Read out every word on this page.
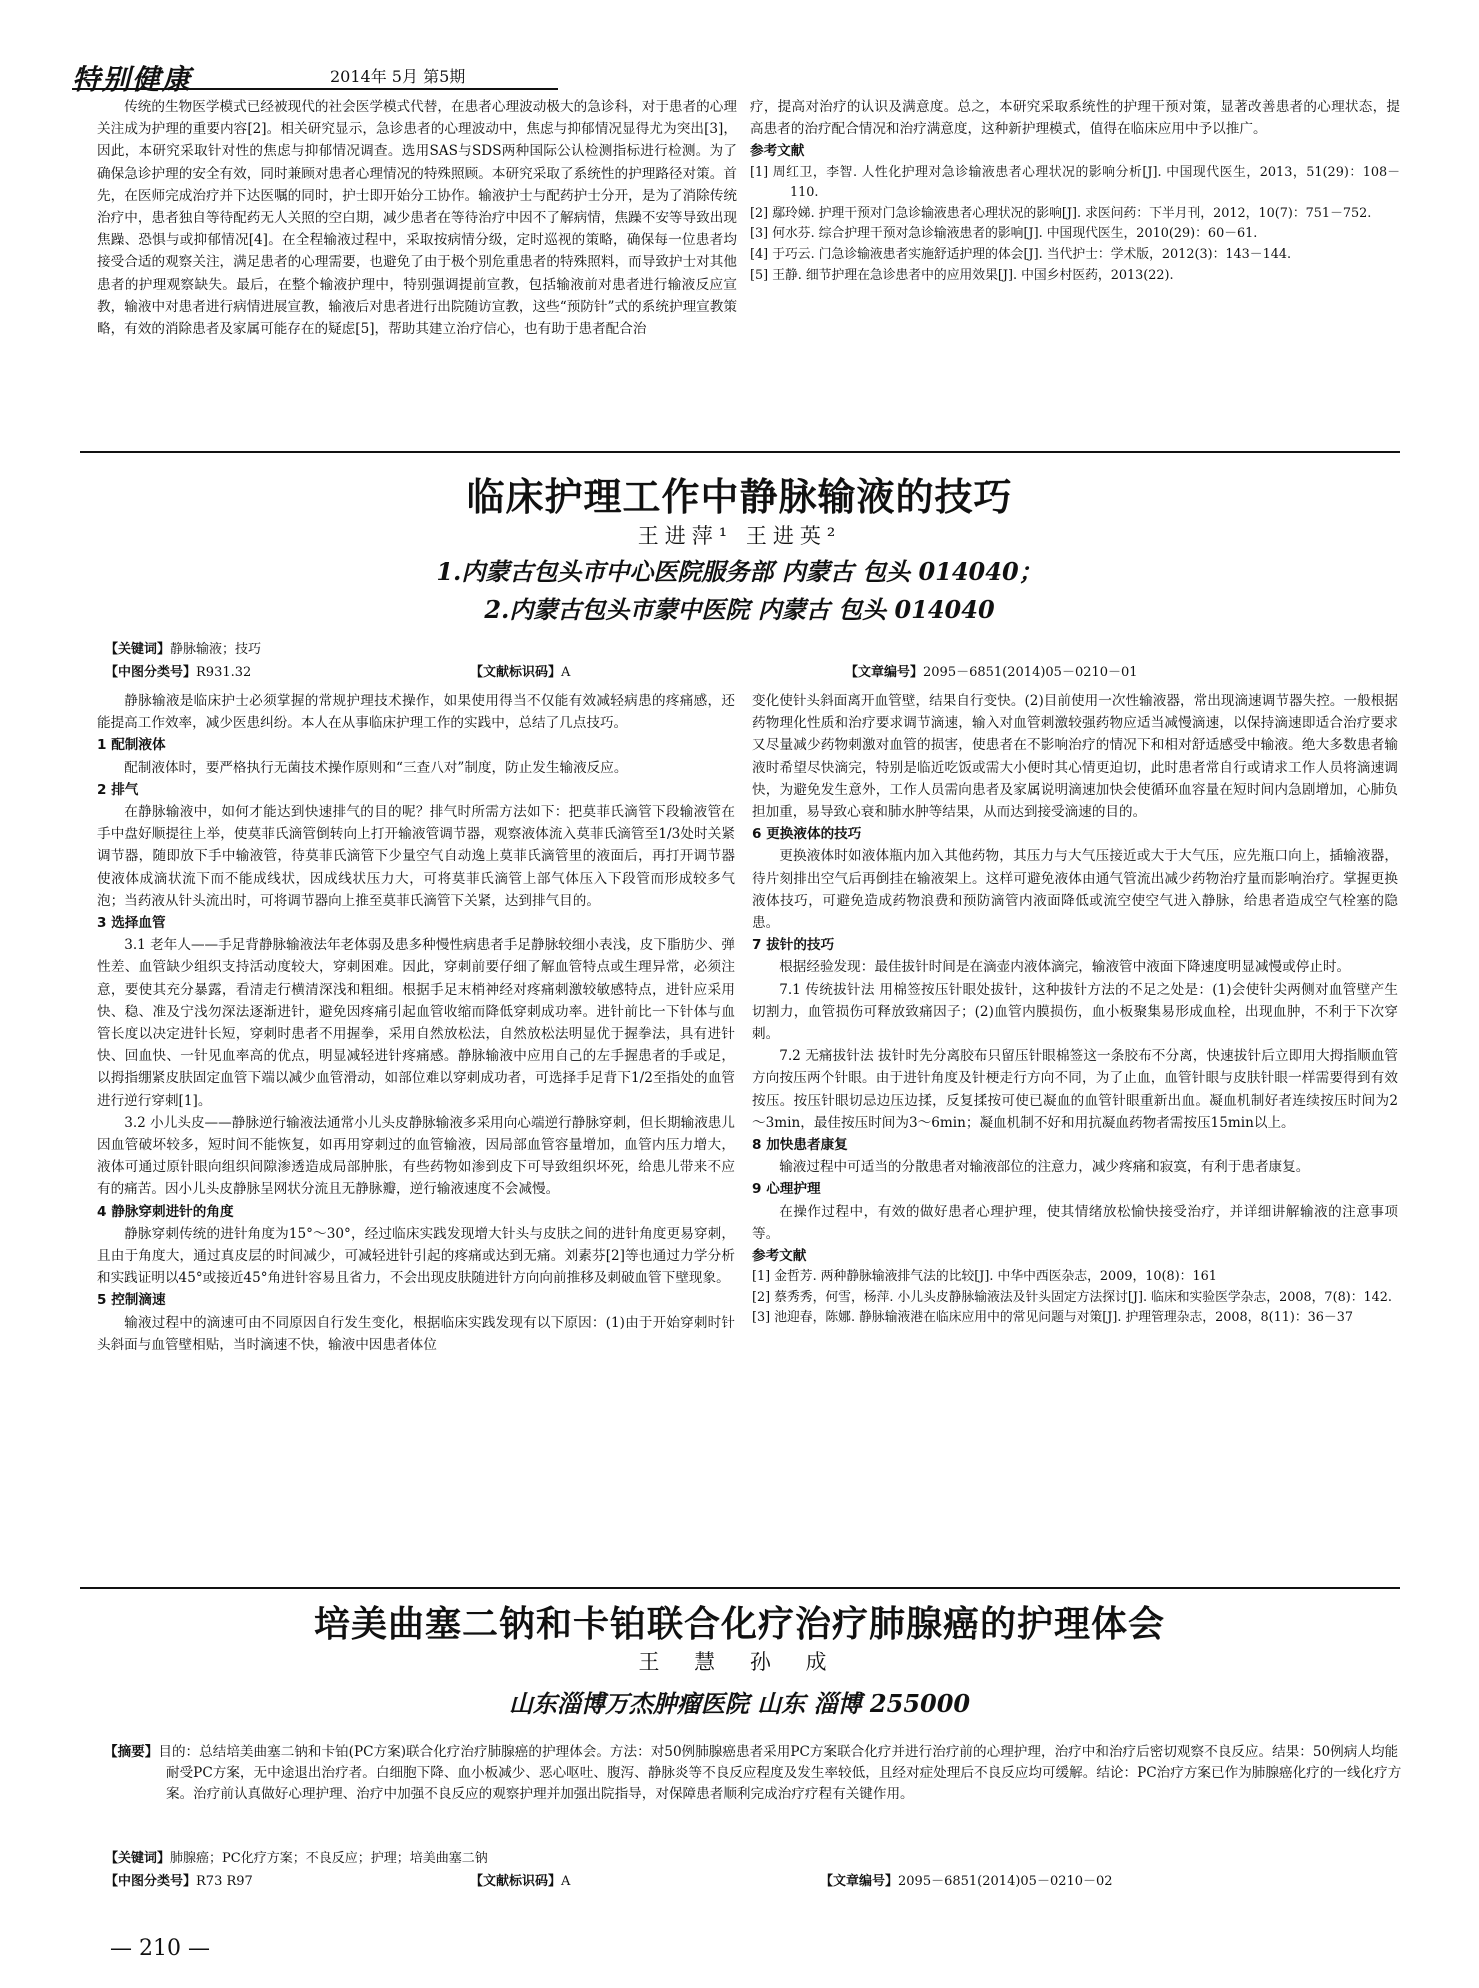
特别健康	2014年 5月 第5期

传统的生物医学模式已经被现代的社会医学模式代替，在患者心理波动极大的急诊科，对于患者的心理关注成为护理的重要内容[2]。相关研究显示，急诊患者的心理波动中，焦虑与抑郁情况显得尤为突出[3]，因此，本研究采取针对性的焦虑与抑郁情况调查。选用SAS与SDS两种国际公认检测指标进行检测。为了确保急诊护理的安全有效，同时兼顾对患者心理情况的特殊照顾。本研究采取了系统性的护理路径对策。首先，在医师完成治疗并下达医嘱的同时，护士即开始分工协作。输液护士与配药护士分开，是为了消除传统治疗中，患者独自等待配药无人关照的空白期，减少患者在等待治疗中因不了解病情，焦躁不安等导致出现焦躁、恐惧与或抑郁情况[4]。在全程输液过程中，采取按病情分级，定时巡视的策略，确保每一位患者均接受合适的观察关注，满足患者的心理需要，也避免了由于极个别危重患者的特殊照料，而导致护士对其他患者的护理观察缺失。最后，在整个输液护理中，特别强调提前宣教，包括输液前对患者进行输液反应宣教，输液中对患者进行病情进展宣教，输液后对患者进行出院随访宣教，这些“预防针”式的系统护理宣教策略，有效的消除患者及家属可能存在的疑虑[5]，帮助其建立治疗信心，也有助于患者配合治

疗，提高对治疗的认识及满意度。总之，本研究采取系统性的护理干预对策，显著改善患者的心理状态，提高患者的治疗配合情况和治疗满意度，这种新护理模式，值得在临床应用中予以推广。

参考文献
[1] 周红卫，李智. 人性化护理对急诊输液患者心理状况的影响分析[J]. 中国现代医生，2013，51(29)：108－110.
[2] 鄢玲娣. 护理干预对门急诊输液患者心理状况的影响[J]. 求医问药：下半月刊，2012，10(7)：751－752.
[3] 何水芬. 综合护理干预对急诊输液患者的影响[J]. 中国现代医生，2010(29)：60－61.
[4] 于巧云. 门急诊输液患者实施舒适护理的体会[J]. 当代护士：学术版，2012(3)：143－144.
[5] 王静. 细节护理在急诊患者中的应用效果[J]. 中国乡村医药，2013(22).
临床护理工作中静脉输液的技巧
王进萍¹ 王进英²
1.内蒙古包头市中心医院服务部 内蒙古 包头 014040；
2.内蒙古包头市蒙中医院 内蒙古 包头 014040
【关键词】静脉输液；技巧
【中图分类号】R931.32	【文献标识码】A	【文章编号】2095－6851(2014)05－0210－01
静脉输液是临床护士必须掌握的常规护理技术操作，如果使用得当不仅能有效减轻病患的疼痛感，还能提高工作效率，减少医患纠纷。本人在从事临床护理工作的实践中，总结了几点技巧。
1 配制液体
配制液体时，要严格执行无菌技术操作原则和“三查八对”制度，防止发生输液反应。
2 排气
在静脉输液中，如何才能达到快速排气的目的呢？排气时所需方法如下：把莫菲氏滴管下段输液管在手中盘好顺提往上举，使莫菲氏滴管倒转向上打开输液管调节器，观察液体流入莫菲氏滴管至1/3处时关紧调节器，随即放下手中输液管，待莫菲氏滴管下少量空气自动逸上莫菲氏滴管里的液面后，再打开调节器使液体成滴状流下而不能成线状，因成线状压力大，可将莫菲氏滴管上部气体压入下段管而形成较多气泡；当药液从针头流出时，可将调节器向上推至莫菲氏滴管下关紧，达到排气目的。
3 选择血管
3.1 老年人——手足背静脉输液法年老体弱及患多种慢性病患者手足静脉较细小表浅，皮下脂肪少、弹性差、血管缺少组织支持活动度较大，穿刺困难。因此，穿刺前要仔细了解血管特点或生理异常，必须注意，要使其充分暴露，看清走行横清深浅和粗细。根据手足末梢神经对疼痛刺激较敏感特点，进针应采用快、稳、准及宁浅勿深法逐渐进针，避免因疼痛引起血管收缩而降低穿刺成功率。进针前比一下针体与血管长度以决定进针长短，穿刺时患者不用握拳，采用自然放松法，自然放松法明显优于握拳法，具有进针快、回血快、一针见血率高的优点，明显减轻进针疼痛感。静脉输液中应用自己的左手握患者的手或足，以拇指绷紧皮肤固定血管下端以减少血管滑动，如部位难以穿刺成功者，可选择手足背下1/2至指处的血管进行逆行穿刺[1]。
3.2 小儿头皮——静脉逆行输液法通常小儿头皮静脉输液多采用向心端逆行静脉穿刺，但长期输液患儿因血管破坏较多，短时间不能恢复，如再用穿刺过的血管输液，因局部血管容量增加，血管内压力增大，液体可通过原针眼向组织间隙渗透造成局部肿胀，有些药物如渗到皮下可导致组织坏死，给患儿带来不应有的痛苦。因小儿头皮静脉呈网状分流且无静脉瓣，逆行输液速度不会减慢。
4 静脉穿刺进针的角度
静脉穿刺传统的进针角度为15°～30°，经过临床实践发现增大针头与皮肤之间的进针角度更易穿刺，且由于角度大，通过真皮层的时间减少，可减轻进针引起的疼痛或达到无痛。刘素芬[2]等也通过力学分析和实践证明以45°或接近45°角进针容易且省力，不会出现皮肤随进针方向向前推移及刺破血管下壁现象。
5 控制滴速
输液过程中的滴速可由不同原因自行发生变化，根据临床实践发现有以下原因：(1)由于开始穿刺时针头斜面与血管壁相贴，当时滴速不快，输液中因患者体位
变化使针头斜面离开血管壁，结果自行变快。(2)目前使用一次性输液器，常出现滴速调节器失控。一般根据药物理化性质和治疗要求调节滴速，输入对血管刺激较强药物应适当减慢滴速，以保持滴速即适合治疗要求又尽量减少药物刺激对血管的损害，使患者在不影响治疗的情况下和相对舒适感受中输液。绝大多数患者输液时希望尽快滴完，特别是临近吃饭或需大小便时其心情更迫切，此时患者常自行或请求工作人员将滴速调快，为避免发生意外，工作人员需向患者及家属说明滴速加快会使循环血容量在短时间内急剧增加，心肺负担加重，易导致心衰和肺水肿等结果，从而达到接受滴速的目的。
6 更换液体的技巧
更换液体时如液体瓶内加入其他药物，其压力与大气压接近或大于大气压，应先瓶口向上，插输液器，待片刻排出空气后再倒挂在输液架上。这样可避免液体由通气管流出减少药物治疗量而影响治疗。掌握更换液体技巧，可避免造成药物浪费和预防滴管内液面降低或流空使空气进入静脉，给患者造成空气栓塞的隐患。
7 拔针的技巧
根据经验发现：最佳拔针时间是在滴壶内液体滴完，输液管中液面下降速度明显减慢或停止时。
7.1 传统拔针法 用棉签按压针眼处拔针，这种拔针方法的不足之处是：(1)会使针尖两侧对血管壁产生切割力，血管损伤可释放致痛因子；(2)血管内膜损伤，血小板聚集易形成血栓，出现血肿，不利于下次穿刺。
7.2 无痛拔针法 拔针时先分离胶布只留压针眼棉签这一条胶布不分离，快速拔针后立即用大拇指顺血管方向按压两个针眼。由于进针角度及针梗走行方向不同，为了止血，血管针眼与皮肤针眼一样需要得到有效按压。按压针眼切忌边压边揉，反复揉按可使已凝血的血管针眼重新出血。凝血机制好者连续按压时间为2～3min，最佳按压时间为3～6min；凝血机制不好和用抗凝血药物者需按压15min以上。
8 加快患者康复
输液过程中可适当的分散患者对输液部位的注意力，减少疼痛和寂寞，有利于患者康复。
9 心理护理
在操作过程中，有效的做好患者心理护理，使其情绪放松愉快接受治疗，并详细讲解输液的注意事项等。
参考文献
[1] 金哲芳. 两种静脉输液排气法的比较[J]. 中华中西医杂志，2009，10(8)：161
[2] 蔡秀秀，何雪，杨萍. 小儿头皮静脉输液法及针头固定方法探讨[J]. 临床和实验医学杂志，2008，7(8)：142.
[3] 池迎春，陈娜. 静脉输液港在临床应用中的常见问题与对策[J]. 护理管理杂志，2008，8(11)：36－37
培美曲塞二钠和卡铂联合化疗治疗肺腺癌的护理体会
王 慧 孙 成
山东淄博万杰肿瘤医院 山东 淄博 255000
【摘要】目的：总结培美曲塞二钠和卡铂(PC方案)联合化疗治疗肺腺癌的护理体会。方法：对50例肺腺癌患者采用PC方案联合化疗并进行治疗前的心理护理，治疗中和治疗后密切观察不良反应。结果：50例病人均能耐受PC方案，无中途退出治疗者。白细胞下降、血小板减少、恶心呕吐、腹泻、静脉炎等不良反应程度及发生率较低，且经对症处理后不良反应均可缓解。结论：PC治疗方案已作为肺腺癌化疗的一线化疗方案。治疗前认真做好心理护理、治疗中加强不良反应的观察护理并加强出院指导，对保障患者顺利完成治疗疗程有关键作用。
【关键词】肺腺癌；PC化疗方案；不良反应；护理；培美曲塞二钠
【中图分类号】R73 R97	【文献标识码】A	【文章编号】2095－6851(2014)05－0210－02
— 210 —
